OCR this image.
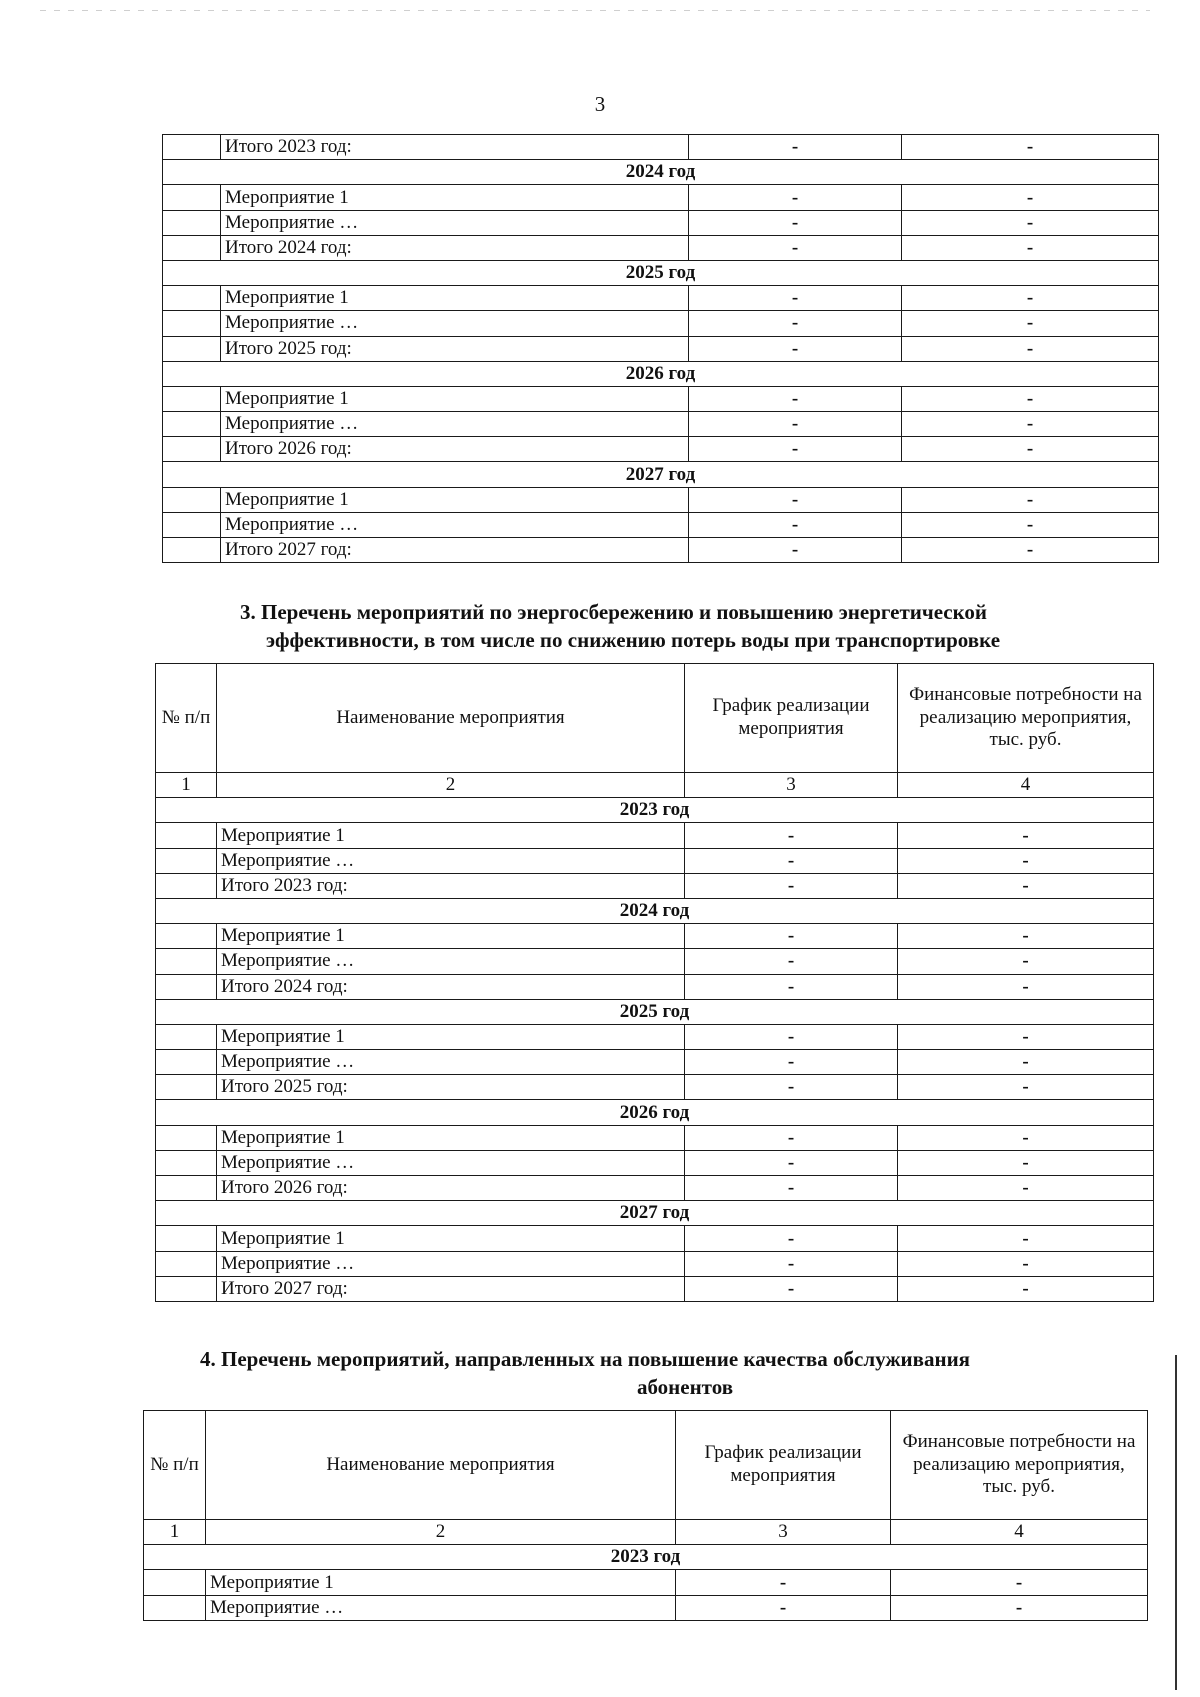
3
	Итого 2023 год:	-	-
2024 год			
	Мероприятие 1	-	-
	Мероприятие …	-	-
	Итого 2024 год:	-	-
2025 год			
	Мероприятие 1	-	-
	Мероприятие …	-	-
	Итого 2025 год:	-	-
2026 год			
	Мероприятие 1	-	-
	Мероприятие …	-	-
	Итого 2026 год:	-	-
2027 год			
	Мероприятие 1	-	-
	Мероприятие …	-	-
	Итого 2027 год:	-	-
3. Перечень мероприятий по энергосбережению и повышению энергетической
эффективности, в том числе по снижению потерь воды при транспортировке
№ п/п	Наименование мероприятия	График реализации мероприятия	Финансовые потребности на реализацию мероприятия, тыс. руб.
1	2	3	4
2023 год			
	Мероприятие 1	-	-
	Мероприятие …	-	-
	Итого 2023 год:	-	-
2024 год			
	Мероприятие 1	-	-
	Мероприятие …	-	-
	Итого 2024 год:	-	-
2025 год			
	Мероприятие 1	-	-
	Мероприятие …	-	-
	Итого 2025 год:	-	-
2026 год			
	Мероприятие 1	-	-
	Мероприятие …	-	-
	Итого 2026 год:	-	-
2027 год			
	Мероприятие 1	-	-
	Мероприятие …	-	-
	Итого 2027 год:	-	-
4. Перечень мероприятий, направленных на повышение качества обслуживания
абонентов
№ п/п	Наименование мероприятия	График реализации мероприятия	Финансовые потребности на реализацию мероприятия, тыс. руб.
1	2	3	4
2023 год			
	Мероприятие 1	-	-
	Мероприятие …	-	-
